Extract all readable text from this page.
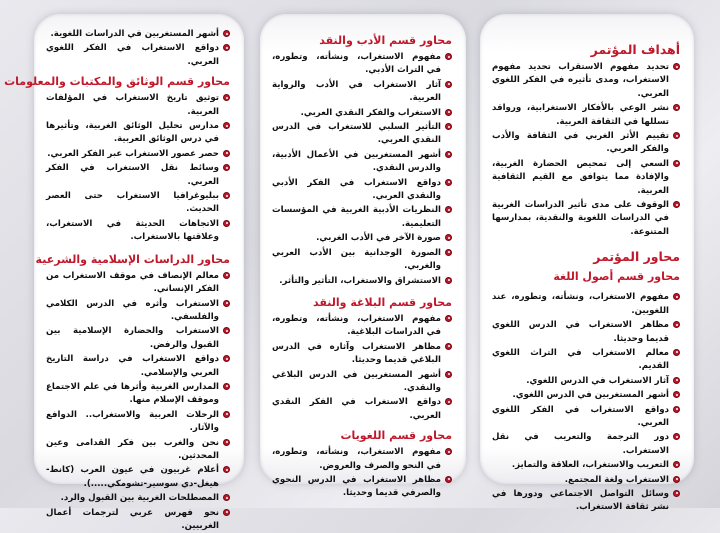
أهداف المؤتمر
تحديد مفهوم الاستقراب تحديد مفهوم الاستغراب، ومدى تأثيره في الفكر اللغوي العربي.
نشر الوعي بالأفكار الاستغرابية، ورواقد تسللها في الثقافة العربية.
تقييم الأثر الغربي في الثقافة والأدب والفكر العربي.
السعي إلى تمحيص الحضارة الغربية، والإفادة مما يتوافق مع القيم الثقافية العربية.
الوقوف على مدى تأثير الدراسات الغربية في الدراسات اللغوية والنقدية، بمدارسها المتنوعة.
محاور المؤتمر
محاور قسم أصول اللغة
مفهوم الاستغراب، ونشأته، وتطوره، عند اللغويين.
مظاهر الاستغراب في الدرس اللغوي قديما وحديثا.
معالم الاستغراب في التراث اللغوي القديم.
آثار الاستغراب في الدرس اللغوي.
أشهر المستغربين في الدرس اللغوي.
دواقع الاستغراب في الفكر اللغوي العربي.
دور الترجمة والتعريب في نقل الاستغراب.
التعريب والاستغراب، العلاقة والتمايز.
الاستغراب ولغة المجتمع.
وسائل التواصل الاجتماعي ودورها في نشر ثقافة الاستغراب.
محاور قسم الأدب والنقد
مفهوم الاستغراب، ونشأته، وتطوره، في التراث الأدبي.
آثار الاستغراب في الأدب والرواية العربية.
الاستغراب والفكر النقدي العربي.
التأثير السلبي للاستغراب في الدرس النقدي العربي.
أشهر المستغربين في الأعمال الأدبية، والدرس النقدي.
دواقع الاستغراب في الفكر الأدبي والنقدي العربي.
النظريات الأدبية الغربية في المؤسسات التعليمية.
صورة الآخر في الأدب الغربي.
الصورة الوجدانية بين الأدب العربي والغربي.
الاستشراق والاستغراب، التأثير والتأثر.
محاور قسم البلاغة والنقد
مفهوم الاستغراب، ونشأته، وتطوره، في الدراسات البلاغية.
مظاهر الاستغراب وآثاره في الدرس البلاغي قديما وحديثا.
أشهر المستغربين في الدرس البلاغي والنقدي.
دواقع الاستغراب في الفكر النقدي العربي.
محاور قسم اللغويات
مفهوم الاستغراب، ونشأته، وتطوره، في النحو والصرف والعروض.
مظاهر الاستغراب في الدرس النحوي والصرفي قديما وحديثا.
أشهر المستغربين في الدراسات اللغوية.
دواقع الاستغراب في الفكر اللغوي العربي.
محاور قسم الوثائق والمكتبات والمعلومات
توثيق تاريخ الاستغراب في المؤلفات العربية.
مدارس تحليل الوثائق الغربية، وتأثيرها في درس الوثائق العربية.
حصر عصور الاستغراب عبر الفكر العربي.
وسائط نقل الاستغراب في الفكر العربي.
ببليوغرافيا الاستغراب حتى العصر الحديث.
الاتجاهات الحديثة في الاستغراب، وعلاقتها بالاستغراب.
محاور الدراسات الإسلامية والشرعية
معالم الإنصاف في موقف الاستغراب من الفكر الإنساني.
الاستغراب وأثره في الدرس الكلامي والفلسفي.
الاستغراب والحضارة الإسلامية بين القبول والرفض.
دواقع الاستغراب في دراسة التاريخ العربي والإسلامي.
المدارس الغربية وأثرها في علم الاجتماع وموقف الإسلام منها.
الرحلات العربية والاستغراب.. الدوافع والآثار.
نحن والغرب بين فكر القدامى وعين المحدثين.
أعلام غربيون في عيون العرب (كانط-هيغل-دي سوسير-تشومكي.....).
المصطلحات الغربية بين القبول والرد.
نحو فهرس عربي لترجمات أعمال الغربيين.
